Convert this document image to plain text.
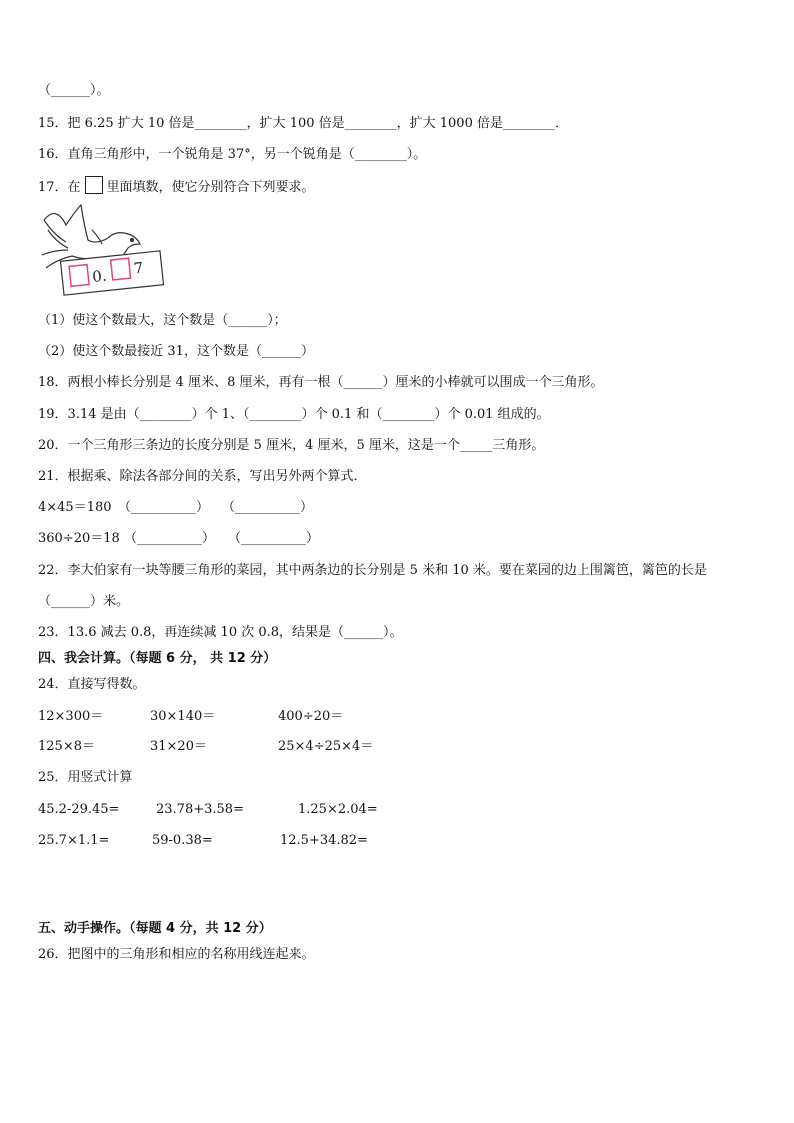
（______）。
15．把 6.25 扩大 10 倍是________，扩大 100 倍是________，扩大 1000 倍是________．
16．直角三角形中，一个锐角是 37°，另一个锐角是（________）。
17．在 里面填数，使它分别符合下列要求。
0. 7
（1）使这个数最大，这个数是（______）；
（2）使这个数最接近 31，这个数是（______）
18．两根小棒长分别是 4 厘米、8 厘米，再有一根（______）厘米的小棒就可以围成一个三角形。
19．3.14 是由（________）个 1、（________）个 0.1 和（________）个 0.01 组成的。
20．一个三角形三条边的长度分别是 5 厘米，4 厘米，5 厘米，这是一个_____三角形。
21．根据乘、除法各部分间的关系，写出另外两个算式．
4×45＝180 （__________） （__________）
360÷20＝18 （__________） （__________）
22．李大伯家有一块等腰三角形的菜园，其中两条边的长分别是 5 米和 10 米。要在菜园的边上围篱笆，篱笆的长是
（______）米。
23．13.6 减去 0.8，再连续减 10 次 0.8，结果是（______）。
四、我会计算。（每题 6 分， 共 12 分）
24．直接写得数。
12×300＝	30×140＝	400÷20＝
125×8＝	31×20＝	25×4÷25×4＝
25．用竖式计算
45.2-29.45=	23.78+3.58=	1.25×2.04=
25.7×1.1=	59-0.38=	12.5+34.82=
五、动手操作。（每题 4 分，共 12 分）
26．把图中的三角形和相应的名称用线连起来。
